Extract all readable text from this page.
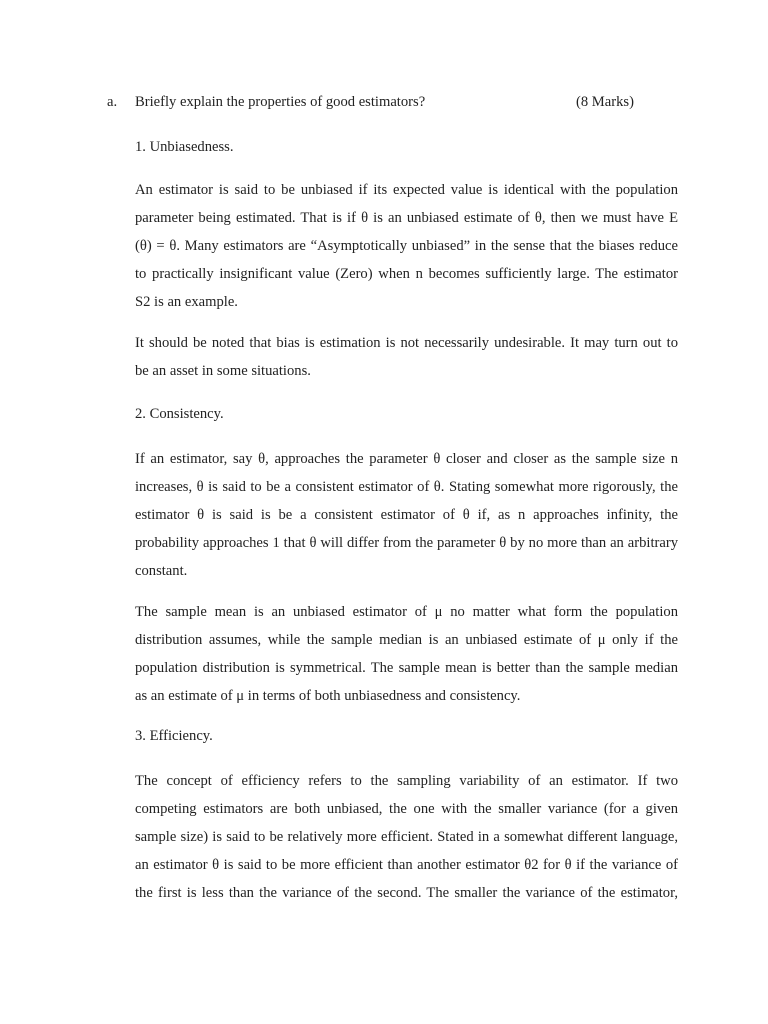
a. Briefly explain the properties of good estimators?	(8 Marks)
1. Unbiasedness.
An estimator is said to be unbiased if its expected value is identical with the population
parameter being estimated. That is if θ is an unbiased estimate of θ, then we must have E
(θ) = θ. Many estimators are “Asymptotically unbiased” in the sense that the biases reduce
to practically insignificant value (Zero) when n becomes sufficiently large. The estimator
S2 is an example.
It should be noted that bias is estimation is not necessarily undesirable. It may turn out to
be an asset in some situations.
2. Consistency.
If an estimator, say θ, approaches the parameter θ closer and closer as the sample size n
increases, θ is said to be a consistent estimator of θ. Stating somewhat more rigorously, the
estimator θ is said is be a consistent estimator of θ if, as n approaches infinity, the
probability approaches 1 that θ will differ from the parameter θ by no more than an arbitrary
constant.
The sample mean is an unbiased estimator of μ no matter what form the population
distribution assumes, while the sample median is an unbiased estimate of μ only if the
population distribution is symmetrical. The sample mean is better than the sample median
as an estimate of μ in terms of both unbiasedness and consistency.
3. Efficiency.
The concept of efficiency refers to the sampling variability of an estimator. If two
competing estimators are both unbiased, the one with the smaller variance (for a given
sample size) is said to be relatively more efficient. Stated in a somewhat different language,
an estimator θ is said to be more efficient than another estimator θ2 for θ if the variance of
the first is less than the variance of the second. The smaller the variance of the estimator,
